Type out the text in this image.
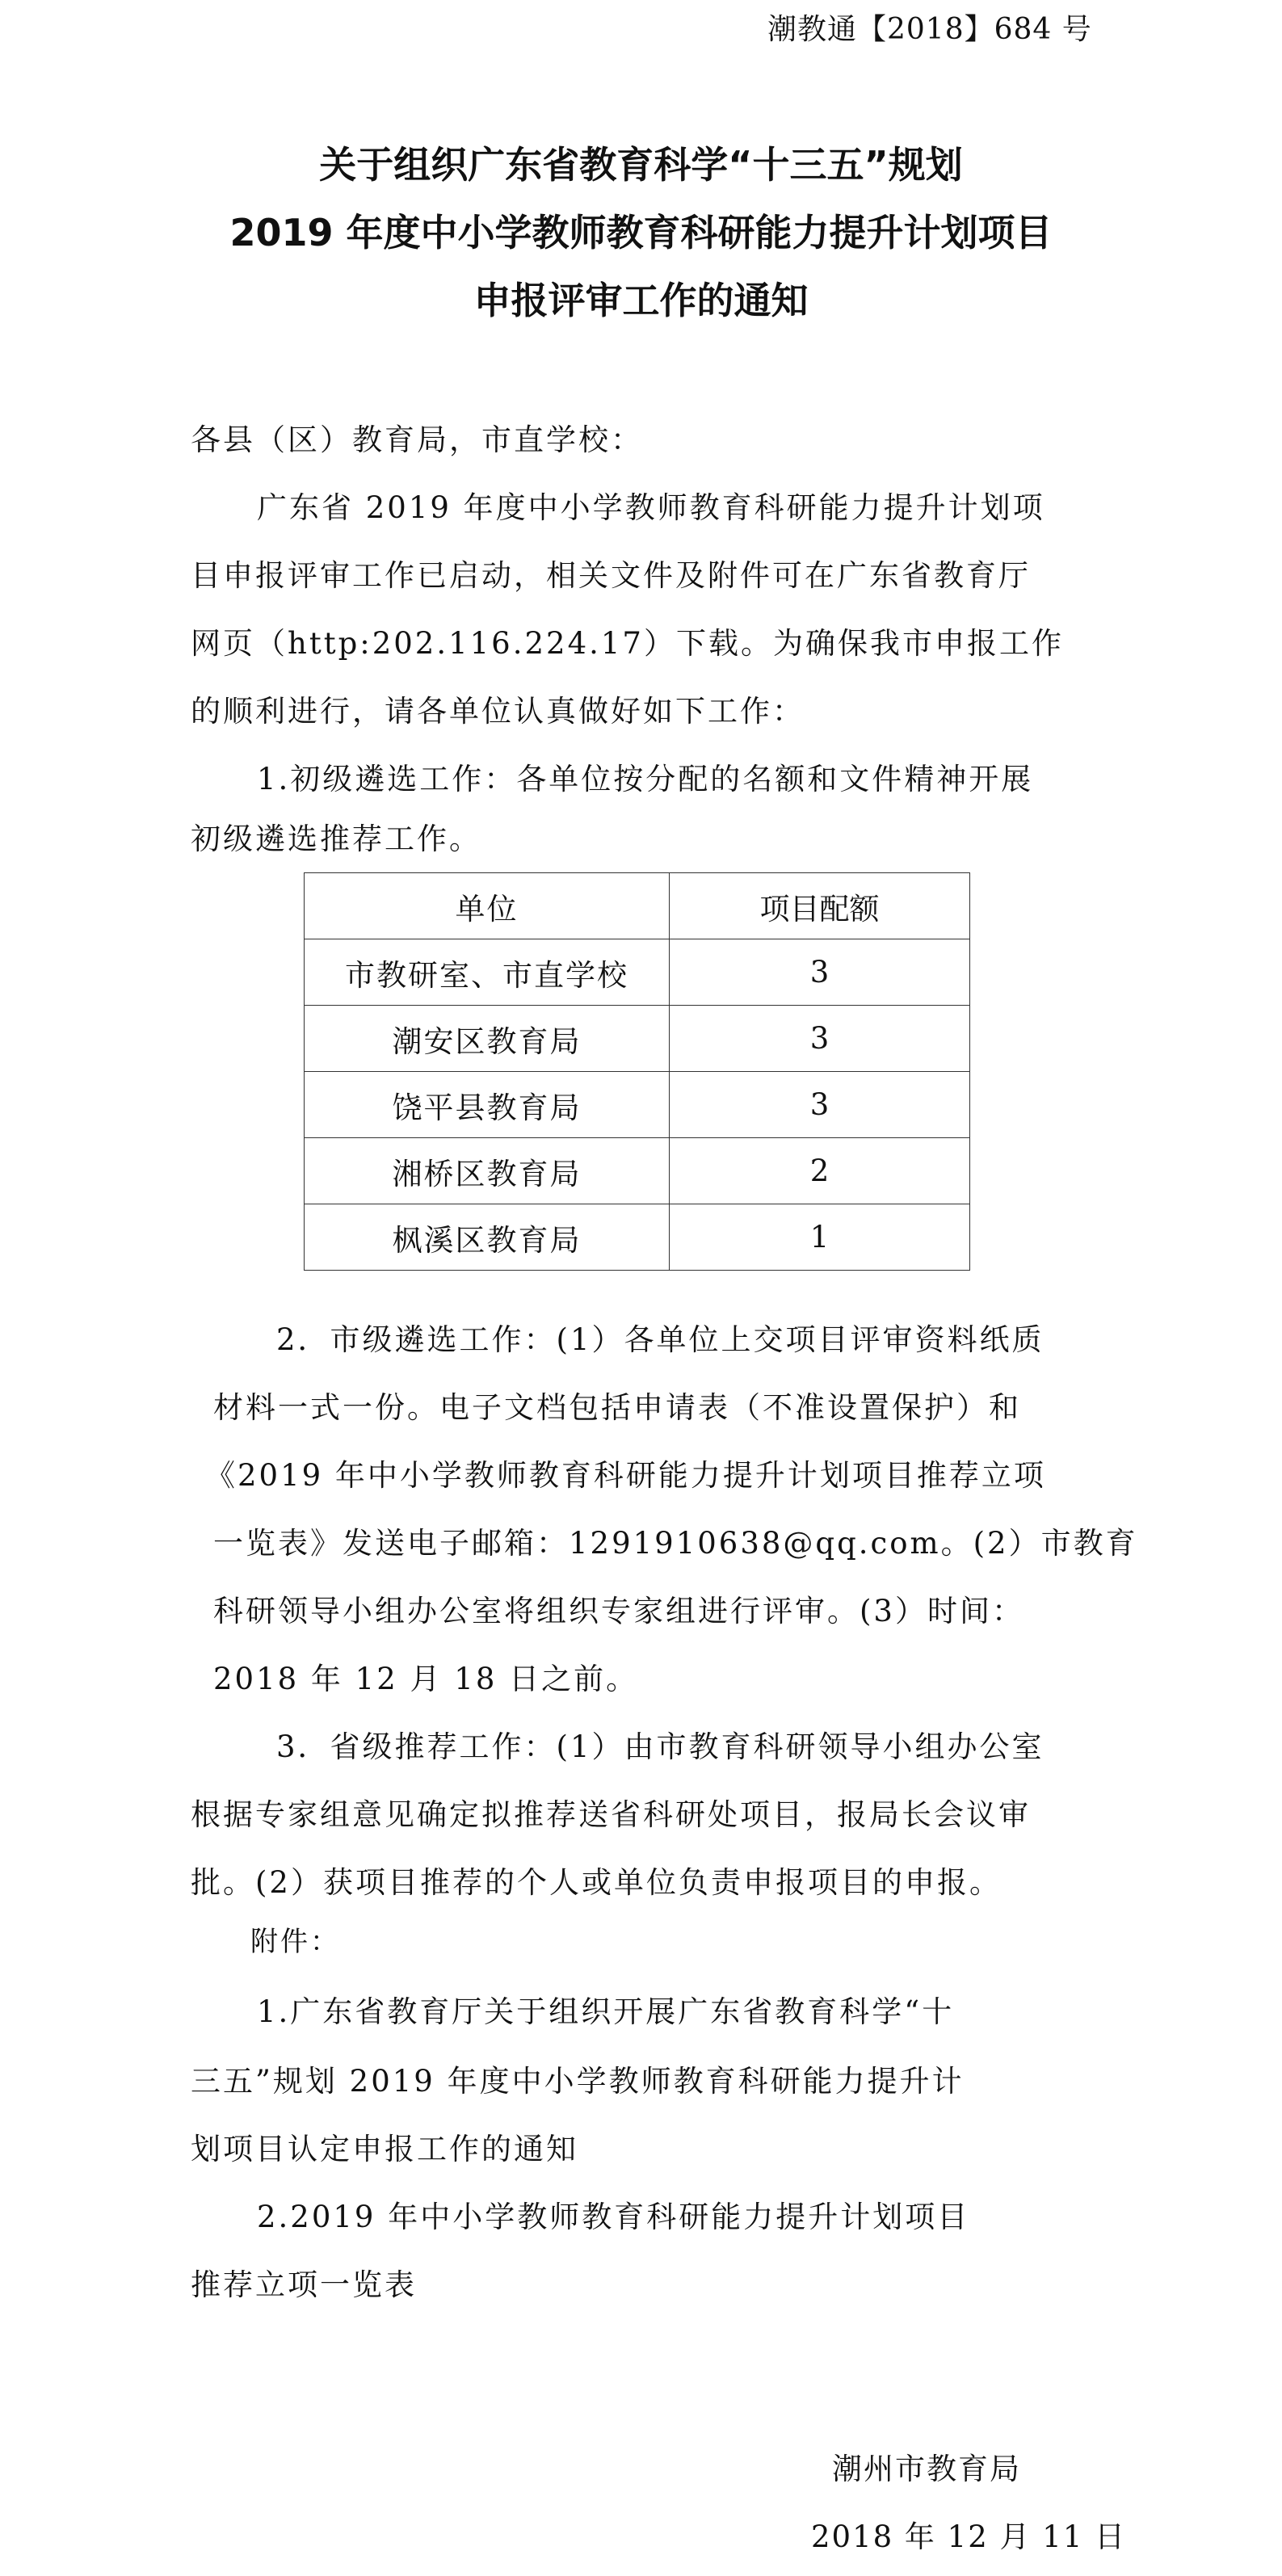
潮教通【2018】684 号
关于组织广东省教育科学“十三五”规划
2019 年度中小学教师教育科研能力提升计划项目
申报评审工作的通知
各县（区）教育局，市直学校：
广东省 2019 年度中小学教师教育科研能力提升计划项
目申报评审工作已启动，相关文件及附件可在广东省教育厅
网页（http:202.116.224.17）下载。为确保我市申报工作
的顺利进行，请各单位认真做好如下工作：
1.初级遴选工作：各单位按分配的名额和文件精神开展
初级遴选推荐工作。
单位	项目配额
市教研室、市直学校	3
潮安区教育局	3
饶平县教育局	3
湘桥区教育局	2
枫溪区教育局	1
2．市级遴选工作：(1）各单位上交项目评审资料纸质
材料一式一份。电子文档包括申请表（不准设置保护）和
《2019 年中小学教师教育科研能力提升计划项目推荐立项
一览表》发送电子邮箱：1291910638@qq.com。(2）市教育
科研领导小组办公室将组织专家组进行评审。(3）时间：
2018 年 12 月 18 日之前。
3．省级推荐工作：(1）由市教育科研领导小组办公室
根据专家组意见确定拟推荐送省科研处项目，报局长会议审
批。(2）获项目推荐的个人或单位负责申报项目的申报。
附件：
1.广东省教育厅关于组织开展广东省教育科学“十
三五”规划 2019 年度中小学教师教育科研能力提升计
划项目认定申报工作的通知
2.2019 年中小学教师教育科研能力提升计划项目
推荐立项一览表
潮州市教育局
2018 年 12 月 11 日
